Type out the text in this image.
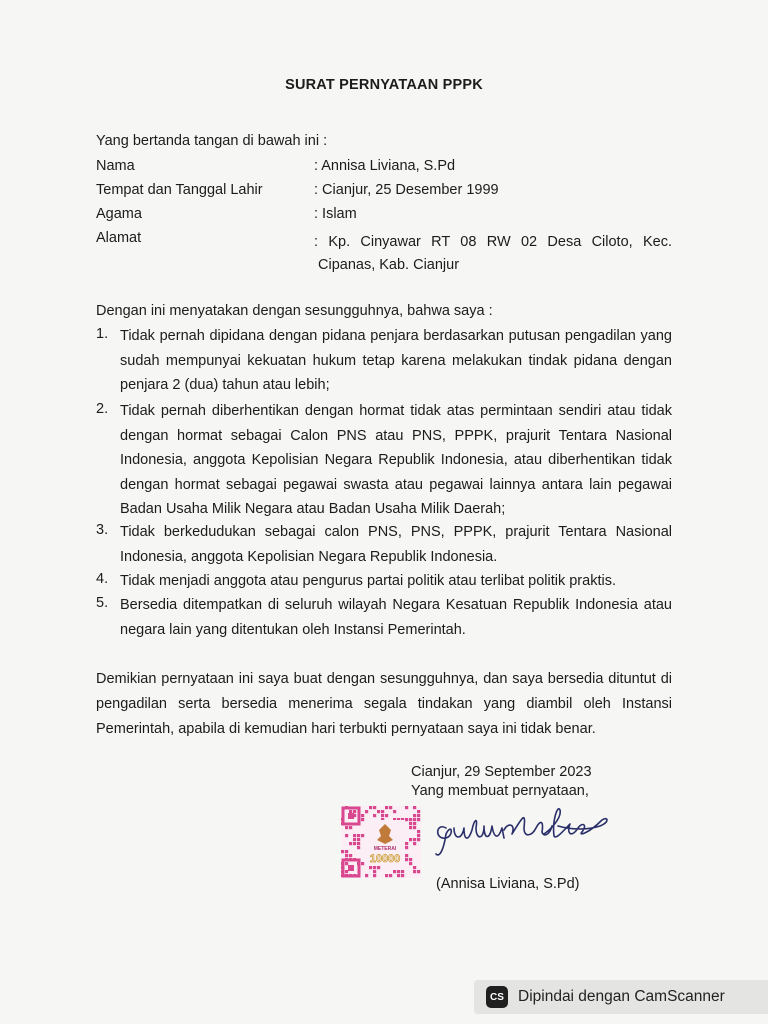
SURAT PERNYATAAN PPPK
Yang bertanda tangan di bawah ini :
Nama	: Annisa Liviana, S.Pd
Tempat dan Tanggal Lahir	: Cianjur, 25 Desember 1999
Agama	: Islam
Alamat	: Kp. Cinyawar RT 08 RW 02 Desa Ciloto, Kec.
Cipanas, Kab. Cianjur
Dengan ini menyatakan dengan sesungguhnya, bahwa saya :
1. Tidak pernah dipidana dengan pidana penjara berdasarkan putusan pengadilan yang sudah mempunyai kekuatan hukum tetap karena melakukan tindak pidana dengan penjara 2 (dua) tahun atau lebih;
2. Tidak pernah diberhentikan dengan hormat tidak atas permintaan sendiri atau tidak dengan hormat sebagai Calon PNS atau PNS, PPPK, prajurit Tentara Nasional Indonesia, anggota Kepolisian Negara Republik Indonesia, atau diberhentikan tidak dengan hormat sebagai pegawai swasta atau pegawai lainnya antara lain pegawai Badan Usaha Milik Negara atau Badan Usaha Milik Daerah;
3. Tidak berkedudukan sebagai calon PNS, PNS, PPPK, prajurit Tentara Nasional Indonesia, anggota Kepolisian Negara Republik Indonesia.
4. Tidak menjadi anggota atau pengurus partai politik atau terlibat politik praktis.
5. Bersedia ditempatkan di seluruh wilayah Negara Kesatuan Republik Indonesia atau negara lain yang ditentukan oleh Instansi Pemerintah.
Demikian pernyataan ini saya buat dengan sesungguhnya, dan saya bersedia dituntut di pengadilan serta bersedia menerima segala tindakan yang diambil oleh Instansi Pemerintah, apabila di kemudian hari terbukti pernyataan saya ini tidak benar.
Cianjur, 29 September 2023
Yang membuat pernyataan,
METERAI
10000
(Annisa Liviana, S.Pd)
CS Dipindai dengan CamScanner
